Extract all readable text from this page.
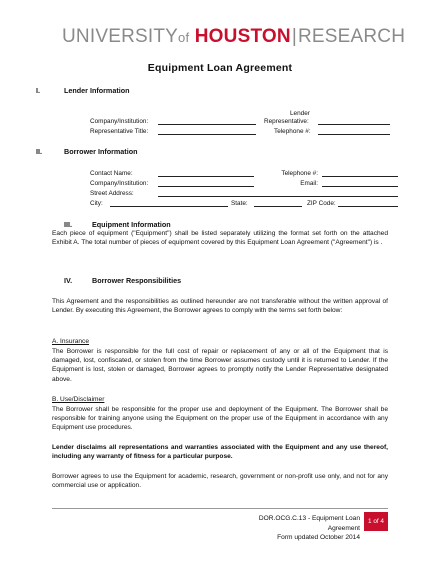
UNIVERSITYof HOUSTON|RESEARCH
Equipment Loan Agreement
I.	Lender Information
Lender
Company/Institution:	Representative:
Representative Title:	Telephone #:
II.	Borrower Information
Contact Name:	Telephone #:
Company/Institution:	Email:
Street Address:
City:	State:	ZIP Code:
III.	Equipment Information
Each piece of equipment ("Equipment") shall be listed separately utilizing the format set forth on the attached Exhibit A. The total number of pieces of equipment covered by this Equipment Loan Agreement ("Agreement") is .
IV.	Borrower Responsibilities
This Agreement and the responsibilities as outlined hereunder are not transferable without the written approval of Lender. By executing this Agreement, the Borrower agrees to comply with the terms set forth below:
A. Insurance
The Borrower is responsible for the full cost of repair or replacement of any or all of the Equipment that is damaged, lost, confiscated, or stolen from the time Borrower assumes custody until it is returned to Lender. If the Equipment is lost, stolen or damaged, Borrower agrees to promptly notify the Lender Representative designated above.
B. Use/Disclaimer
The Borrower shall be responsible for the proper use and deployment of the Equipment. The Borrower shall be responsible for training anyone using the Equipment on the proper use of the Equipment in accordance with any Equipment use procedures.
Lender disclaims all representations and warranties associated with the Equipment and any use thereof, including any warranty of fitness for a particular purpose.
Borrower agrees to use the Equipment for academic, research, government or non-profit use only, and not for any commercial use or application.
DOR.OCG.C.13 - Equipment Loan Agreement
Form updated October 2014
1 of 4
